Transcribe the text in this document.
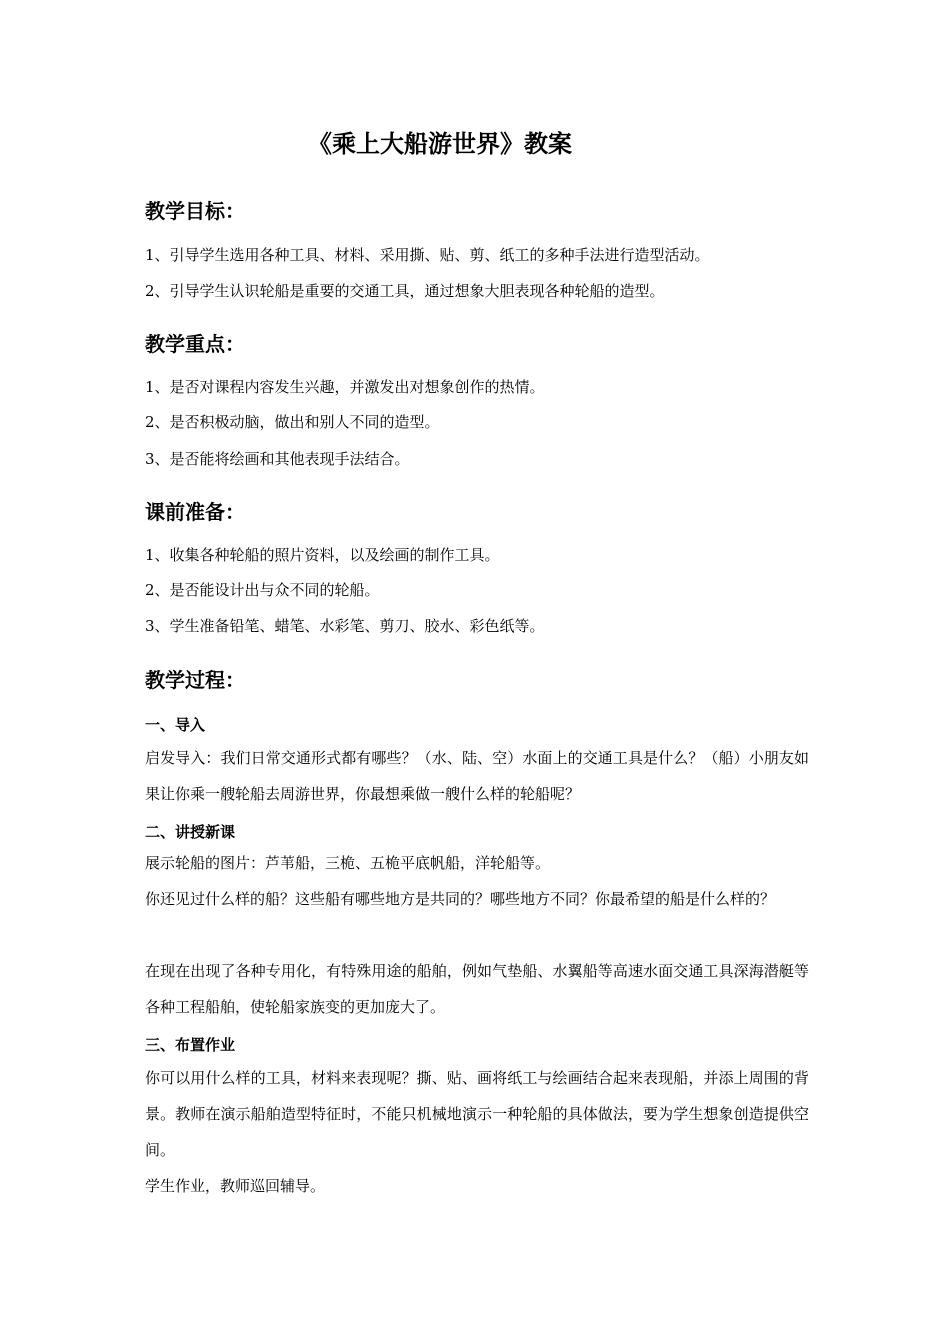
《乘上大船游世界》教案
教学目标：
1、引导学生选用各种工具、材料、采用撕、贴、剪、纸工的多种手法进行造型活动。
2、引导学生认识轮船是重要的交通工具，通过想象大胆表现各种轮船的造型。
教学重点：
1、是否对课程内容发生兴趣，并激发出对想象创作的热情。
2、是否积极动脑，做出和别人不同的造型。
3、是否能将绘画和其他表现手法结合。
课前准备：
1、收集各种轮船的照片资料，以及绘画的制作工具。
2、是否能设计出与众不同的轮船。
3、学生准备铅笔、蜡笔、水彩笔、剪刀、胶水、彩色纸等。
教学过程：
一、导入
启发导入：我们日常交通形式都有哪些？（水、陆、空）水面上的交通工具是什么？（船）小朋友如果让你乘一艘轮船去周游世界，你最想乘做一艘什么样的轮船呢？
二、讲授新课
展示轮船的图片：芦苇船，三桅、五桅平底帆船，洋轮船等。
你还见过什么样的船？这些船有哪些地方是共同的？哪些地方不同？你最希望的船是什么样的？
在现在出现了各种专用化，有特殊用途的船舶，例如气垫船、水翼船等高速水面交通工具深海潜艇等各种工程船舶，使轮船家族变的更加庞大了。
三、布置作业
你可以用什么样的工具，材料来表现呢？撕、贴、画将纸工与绘画结合起来表现船，并添上周围的背景。教师在演示船舶造型特征时，不能只机械地演示一种轮船的具体做法，要为学生想象创造提供空间。
学生作业，教师巡回辅导。
